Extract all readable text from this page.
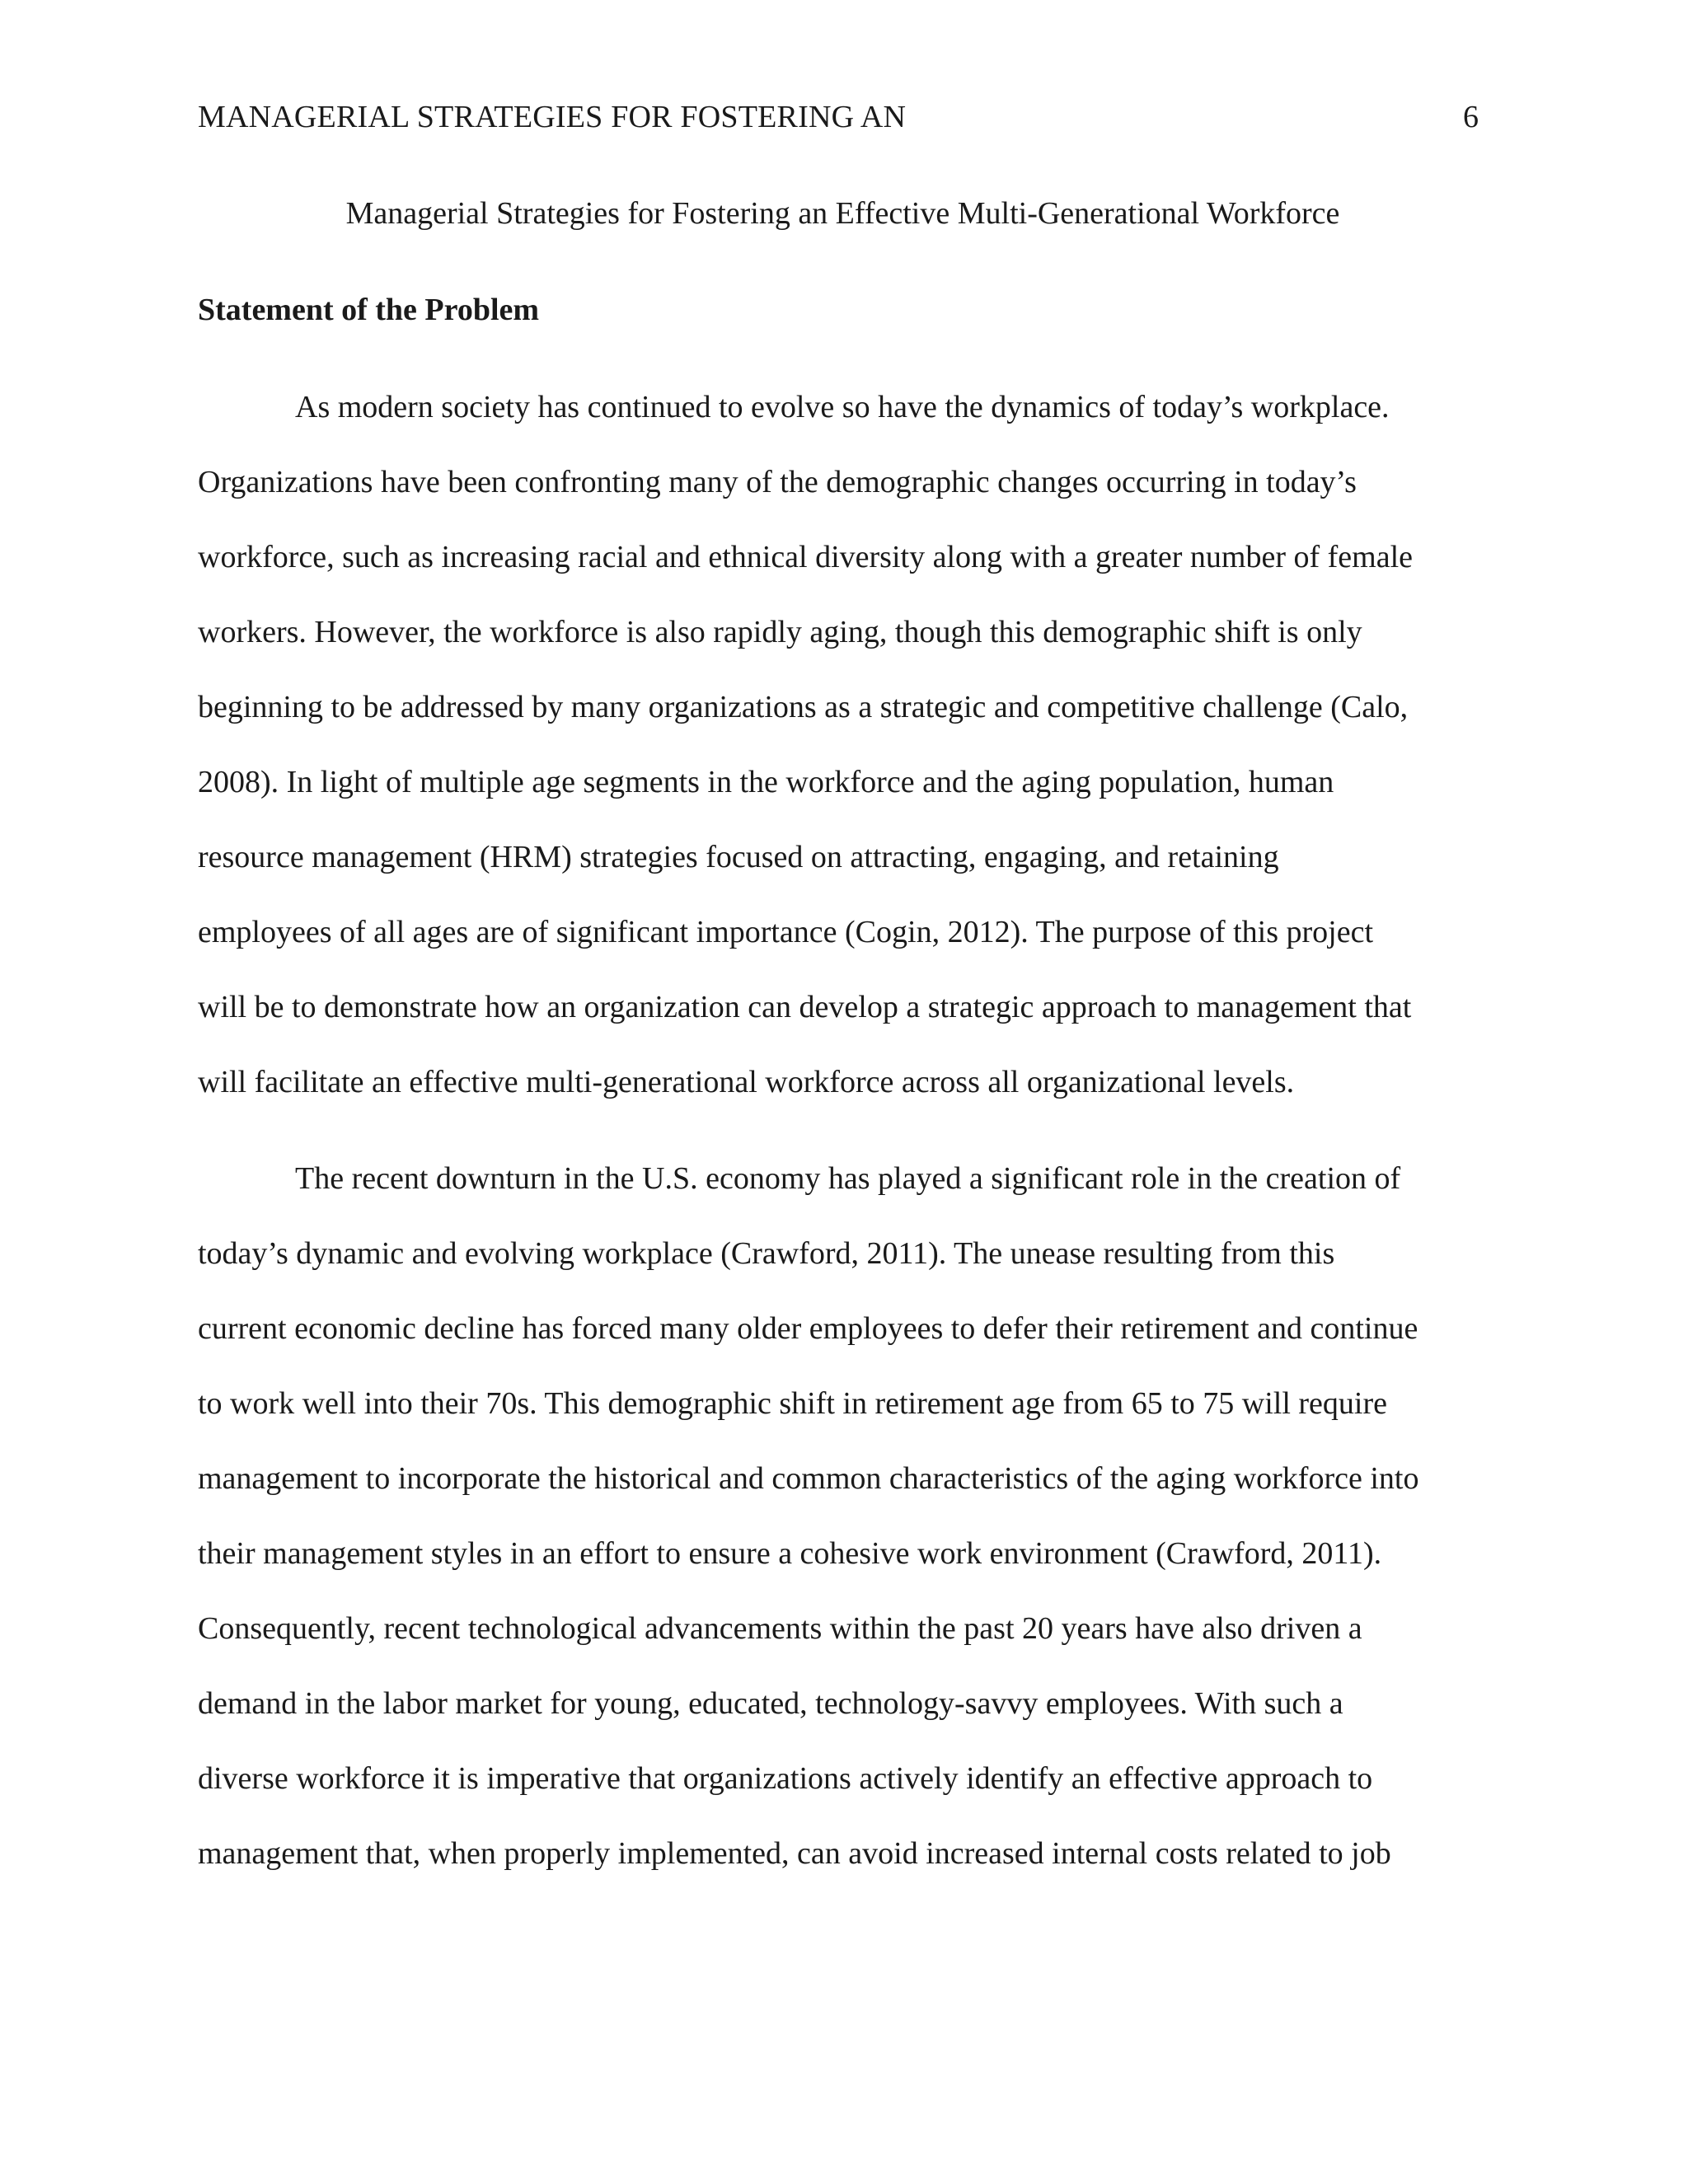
MANAGERIAL STRATEGIES FOR FOSTERING AN	6
Managerial Strategies for Fostering an Effective Multi-Generational Workforce
Statement of the Problem
As modern society has continued to evolve so have the dynamics of today’s workplace.
Organizations have been confronting many of the demographic changes occurring in today’s
workforce, such as increasing racial and ethnical diversity along with a greater number of female
workers. However, the workforce is also rapidly aging, though this demographic shift is only
beginning to be addressed by many organizations as a strategic and competitive challenge (Calo,
2008). In light of multiple age segments in the workforce and the aging population, human
resource management (HRM) strategies focused on attracting, engaging, and retaining
employees of all ages are of significant importance (Cogin, 2012). The purpose of this project
will be to demonstrate how an organization can develop a strategic approach to management that
will facilitate an effective multi-generational workforce across all organizational levels.
The recent downturn in the U.S. economy has played a significant role in the creation of
today’s dynamic and evolving workplace (Crawford, 2011). The unease resulting from this
current economic decline has forced many older employees to defer their retirement and continue
to work well into their 70s. This demographic shift in retirement age from 65 to 75 will require
management to incorporate the historical and common characteristics of the aging workforce into
their management styles in an effort to ensure a cohesive work environment (Crawford, 2011).
Consequently, recent technological advancements within the past 20 years have also driven a
demand in the labor market for young, educated, technology-savvy employees. With such a
diverse workforce it is imperative that organizations actively identify an effective approach to
management that, when properly implemented, can avoid increased internal costs related to job
